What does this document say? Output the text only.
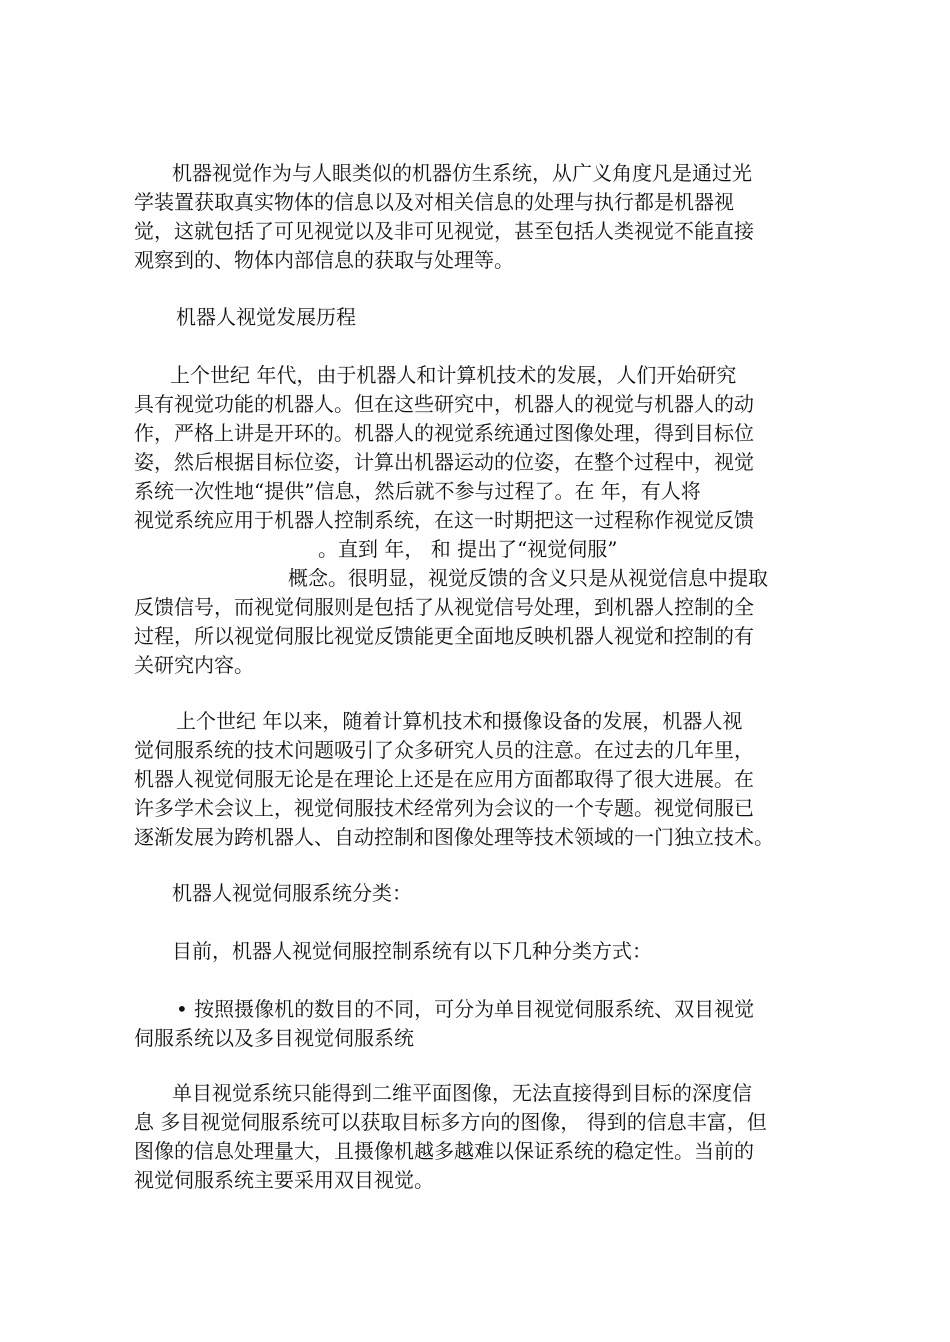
机器视觉作为与人眼类似的机器仿生系统，从广义角度凡是通过光
学装置获取真实物体的信息以及对相关信息的处理与执行都是机器视
觉，这就包括了可见视觉以及非可见视觉，甚至包括人类视觉不能直接
观察到的、物体内部信息的获取与处理等。
机器人视觉发展历程
上个世纪 年代，由于机器人和计算机技术的发展，人们开始研究
具有视觉功能的机器人。但在这些研究中，机器人的视觉与机器人的动
作，严格上讲是开环的。机器人的视觉系统通过图像处理，得到目标位
姿，然后根据目标位姿，计算出机器运动的位姿，在整个过程中，视觉
系统一次性地“提供”信息，然后就不参与过程了。在 年，有人将
视觉系统应用于机器人控制系统，在这一时期把这一过程称作视觉反馈
。直到 年， 和 提出了“视觉伺服”
概念。很明显，视觉反馈的含义只是从视觉信息中提取
反馈信号，而视觉伺服则是包括了从视觉信号处理，到机器人控制的全
过程，所以视觉伺服比视觉反馈能更全面地反映机器人视觉和控制的有
关研究内容。
上个世纪 年以来，随着计算机技术和摄像设备的发展，机器人视
觉伺服系统的技术问题吸引了众多研究人员的注意。在过去的几年里，
机器人视觉伺服无论是在理论上还是在应用方面都取得了很大进展。在
许多学术会议上，视觉伺服技术经常列为会议的一个专题。视觉伺服已
逐渐发展为跨机器人、自动控制和图像处理等技术领域的一门独立技术。
机器人视觉伺服系统分类：
目前，机器人视觉伺服控制系统有以下几种分类方式：
• 按照摄像机的数目的不同，可分为单目视觉伺服系统、双目视觉
伺服系统以及多目视觉伺服系统
单目视觉系统只能得到二维平面图像，无法直接得到目标的深度信
息 多目视觉伺服系统可以获取目标多方向的图像， 得到的信息丰富，但
图像的信息处理量大，且摄像机越多越难以保证系统的稳定性。当前的
视觉伺服系统主要采用双目视觉。
